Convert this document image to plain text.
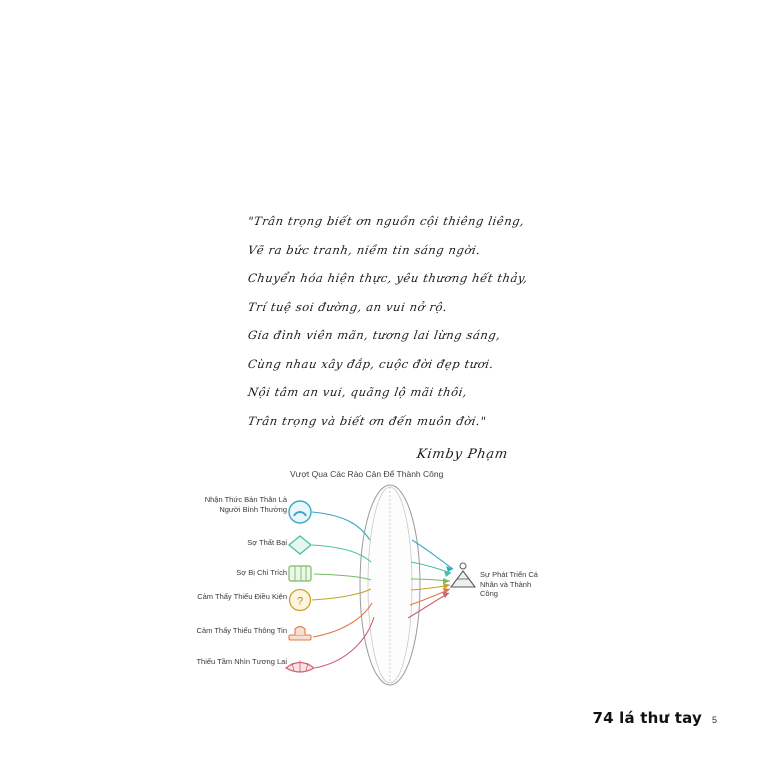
"Trân trọng biết ơn nguồn cội thiêng liêng,
Vẽ ra bức tranh, niềm tin sáng ngời.
Chuyển hóa hiện thực, yêu thương hết thảy,
Trí tuệ soi đường, an vui nở rộ.
Gia đình viên mãn, tương lai lừng sáng,
Cùng nhau xây đắp, cuộc đời đẹp tươi.
Nội tâm an vui, quãng lộ mãi thôi,
Trân trọng và biết ơn đến muôn đời."
Kimby Phạm
Vượt Qua Các Rào Cản Để Thành Công
Nhận Thức Bản Thân Là Người Bình Thường
Sợ Thất Bại
Sợ Bị Chỉ Trích
Cảm Thấy Thiếu Điều Kiện
Cảm Thấy Thiếu Thông Tin
Thiếu Tầm Nhìn Tương Lai
Sự Phát Triển Cá Nhân và Thành Công
?
74 lá thư tay 5
